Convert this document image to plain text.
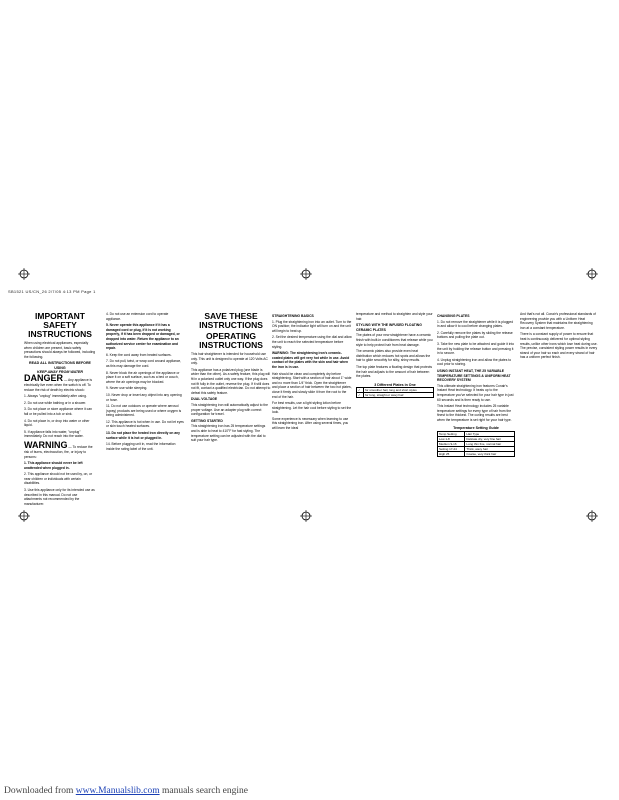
SB1521 US/CN_26 2/7/05 4:13 PM Page 1
IMPORTANT SAFETY INSTRUCTIONS

When using electrical appliances, especially when children are present, basic safety precautions should always be followed, including the following.

READ ALL INSTRUCTIONS BEFORE USING
KEEP AWAY FROM WATER

DANGER — Any appliance is electrically live even when the switch is off. To reduce the risk of death by electric shock:

1. Always "unplug" immediately after using.

2. Do not use while bathing or in a shower.

3. Do not place or store appliance where it can fall or be pulled into a tub or sink.

4. Do not place in, or drop into water or other liquid.

5. If appliance falls into water, "unplug" immediately. Do not reach into the water.

WARNING — To reduce the risk of burns, electrocution, fire, or injury to persons:

1. This appliance should never be left unattended when plugged in.

2. This appliance should not be used by, on, or near children or individuals with certain disabilities.

3. Use this appliance only for its intended use as described in this manual. Do not use attachments not recommended by the manufacturer.

4. Do not use an extension cord to operate appliance.

5. Never operate this appliance if it has a damaged cord or plug, if it is not working properly, if it has been dropped or damaged, or dropped into water. Return the appliance to an authorized service center for examination and repair.

6. Keep the cord away from heated surfaces.

7. Do not pull, twist, or wrap cord around appliance, as this may damage the cord.

8. Never block the air openings of the appliance or place it on a soft surface, such as a bed or couch, where the air openings may be blocked.

9. Never use while sleeping.

10. Never drop or insert any object into any opening or hose.

11. Do not use outdoors or operate where aerosol (spray) products are being used or where oxygen is being administered.

12. This appliance is hot when in use. Do not let eyes or skin touch heated surfaces.

13. Do not place the heated iron directly on any surface while it is hot or plugged in.

14. Before plugging unit in, read the information inside the rating label of the unit.

SAVE THESE INSTRUCTIONS
OPERATING INSTRUCTIONS

This hair straightener is intended for household use only. This unit is designed to operate at 120 Volts AC only.

This appliance has a polarized plug (one blade is wider than the other). As a safety feature, this plug will fit in a polarized outlet only one way. If the plug does not fit fully in the outlet, reverse the plug. If it still does not fit, contact a qualified electrician. Do not attempt to defeat this safety feature.

DUAL VOLTAGE

This straightening iron will automatically adjust to the proper voltage. Use an adapter plug with correct configuration for travel.

GETTING STARTED

This straightening iron has 25 temperature settings and is able to heat to 410°F for fast styling. The temperature setting can be adjusted with the dial to suit your hair type.

STRAIGHTENING BASICS

1. Plug the straightening iron into an outlet. Turn to the ON position; the indicator light will turn on and the unit will begin to heat up.

2. Set the desired temperature using the dial and allow the unit to reach the selected temperature before styling.

WARNING: The straightening iron's ceramic-coated plates will get very hot while in use. Avoid contact of the plates with the skin and hair when the iron is in use.

Hair should be clean and completely dry before straightening. Start with a section of hair about 1" wide and no more than 1/4" thick. Open the straightener and place a section of hair between the two hot plates, close it firmly and slowly slide it from the root to the end of the hair.

For best results, use a light styling lotion before straightening. Let the hair cool before styling to set the look.

Some experience is necessary when learning to use this straightening iron. After using several times, you will learn the ideal

temperature and method to straighten and style your hair.

STYLING WITH THE INFUSED FLOATING CERAMIC PLATES

The plates of your new straightener have a ceramic finish with built-in conditioners that release while you style to help protect hair from heat damage.

The ceramic plates also provide even heat distribution which reduces hot spots and allows the hair to glide smoothly for silky, shiny results.

The top plate features a floating design that protects the hair and adjusts to the amount of hair between the plates.

3 Different Plates in One
✓	for smoother hair, long and short styles
✓	for long, straight or wavy hair
CHANGING PLATES

1. Do not remove the straightener while it is plugged in and allow it to cool before changing plates.

2. Carefully remove the plates by sliding the release buttons and pulling the plate out.

3. Take the new plate to be attached and guide it into the unit by holding the release button and pressing it in to secure.

4. Unplug straightening iron and allow the plates to cool prior to storing.

USING INSTANT HEAT, THE 25 VARIABLE TEMPERATURE SETTINGS & UNIFORM HEAT RECOVERY SYSTEM

This ultimate straightening iron features Conair's Instant Heat technology. It heats up to the temperature you've selected for your hair type in just 60 seconds and is then ready to use.

This Instant Heat technology includes 25 variable temperature settings for every type of hair from the finest to the thickest. The curling results are best when the temperature is set right for your hair type.

Temperature Setting Guide
Temp Setting	Hair Type
Low 1-8	Delicate dry, very fine hair
Medium 9-16	Long thin fine, normal hair
Setting 17-24	Thick, wavy hair
High 25	Coarse, very thick hair

And that's not all. Conair's professional standards of engineering provide you with a Uniform Heat Recovery System that maintains the straightening iron at a constant temperature.

There is a constant supply of power to ensure that heat is continuously delivered for optimal styling results, unlike other irons which lose heat during use. The precise, consistent styling power results in every strand of your hair so each and every strand of hair has a uniform perfect finish.

Downloaded from www.Manualslib.com manuals search engine
